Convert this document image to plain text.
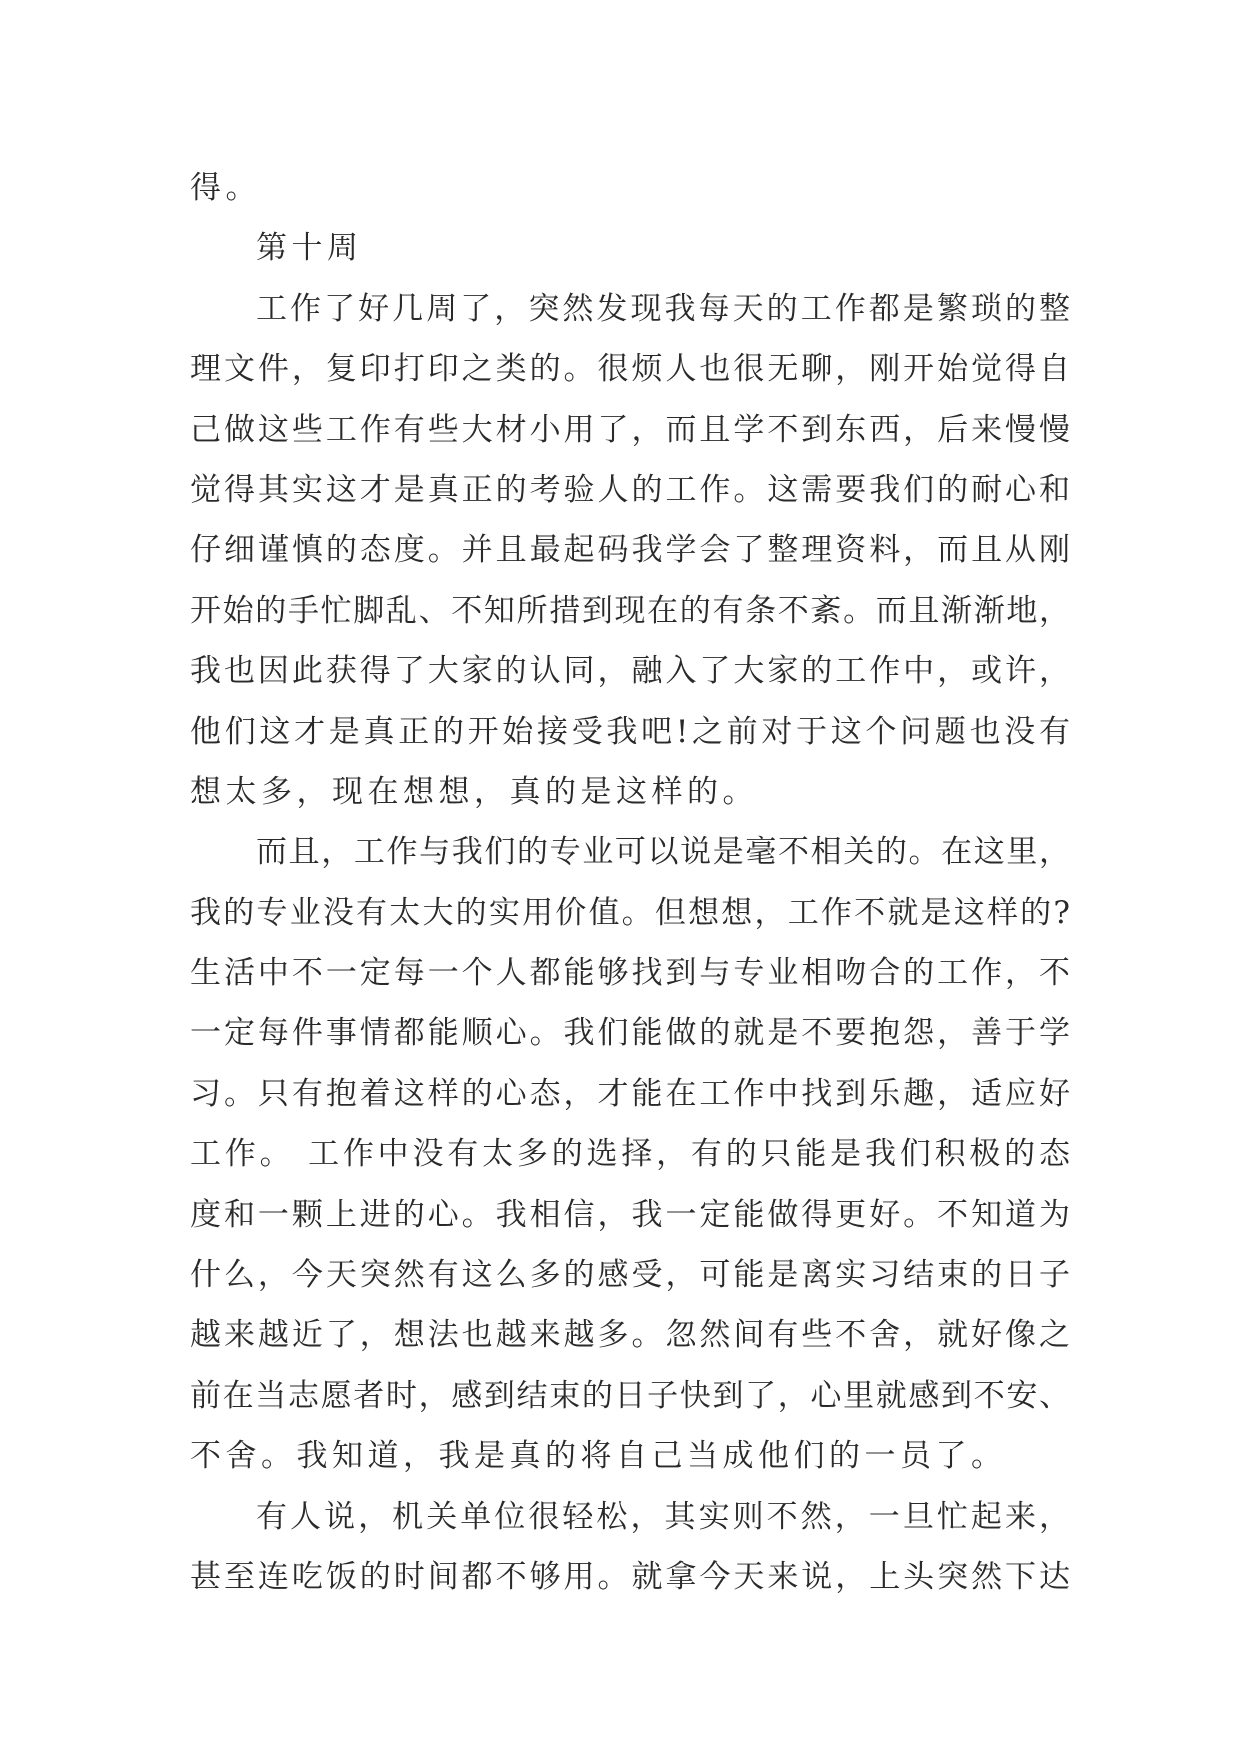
得。
第十周
工作了好几周了，突然发现我每天的工作都是繁琐的整
理文件，复印打印之类的。很烦人也很无聊，刚开始觉得自
己做这些工作有些大材小用了，而且学不到东西，后来慢慢
觉得其实这才是真正的考验人的工作。这需要我们的耐心和
仔细谨慎的态度。并且最起码我学会了整理资料，而且从刚
开始的手忙脚乱、不知所措到现在的有条不紊。而且渐渐地，
我也因此获得了大家的认同，融入了大家的工作中，或许，
他们这才是真正的开始接受我吧!之前对于这个问题也没有
想太多，现在想想，真的是这样的。
而且，工作与我们的专业可以说是毫不相关的。在这里，
我的专业没有太大的实用价值。但想想，工作不就是这样的?
生活中不一定每一个人都能够找到与专业相吻合的工作，不
一定每件事情都能顺心。我们能做的就是不要抱怨，善于学
习。只有抱着这样的心态，才能在工作中找到乐趣，适应好
工作。 工作中没有太多的选择，有的只能是我们积极的态
度和一颗上进的心。我相信，我一定能做得更好。不知道为
什么，今天突然有这么多的感受，可能是离实习结束的日子
越来越近了，想法也越来越多。忽然间有些不舍，就好像之
前在当志愿者时，感到结束的日子快到了，心里就感到不安、
不舍。我知道，我是真的将自己当成他们的一员了。
有人说，机关单位很轻松，其实则不然，一旦忙起来，
甚至连吃饭的时间都不够用。就拿今天来说，上头突然下达
